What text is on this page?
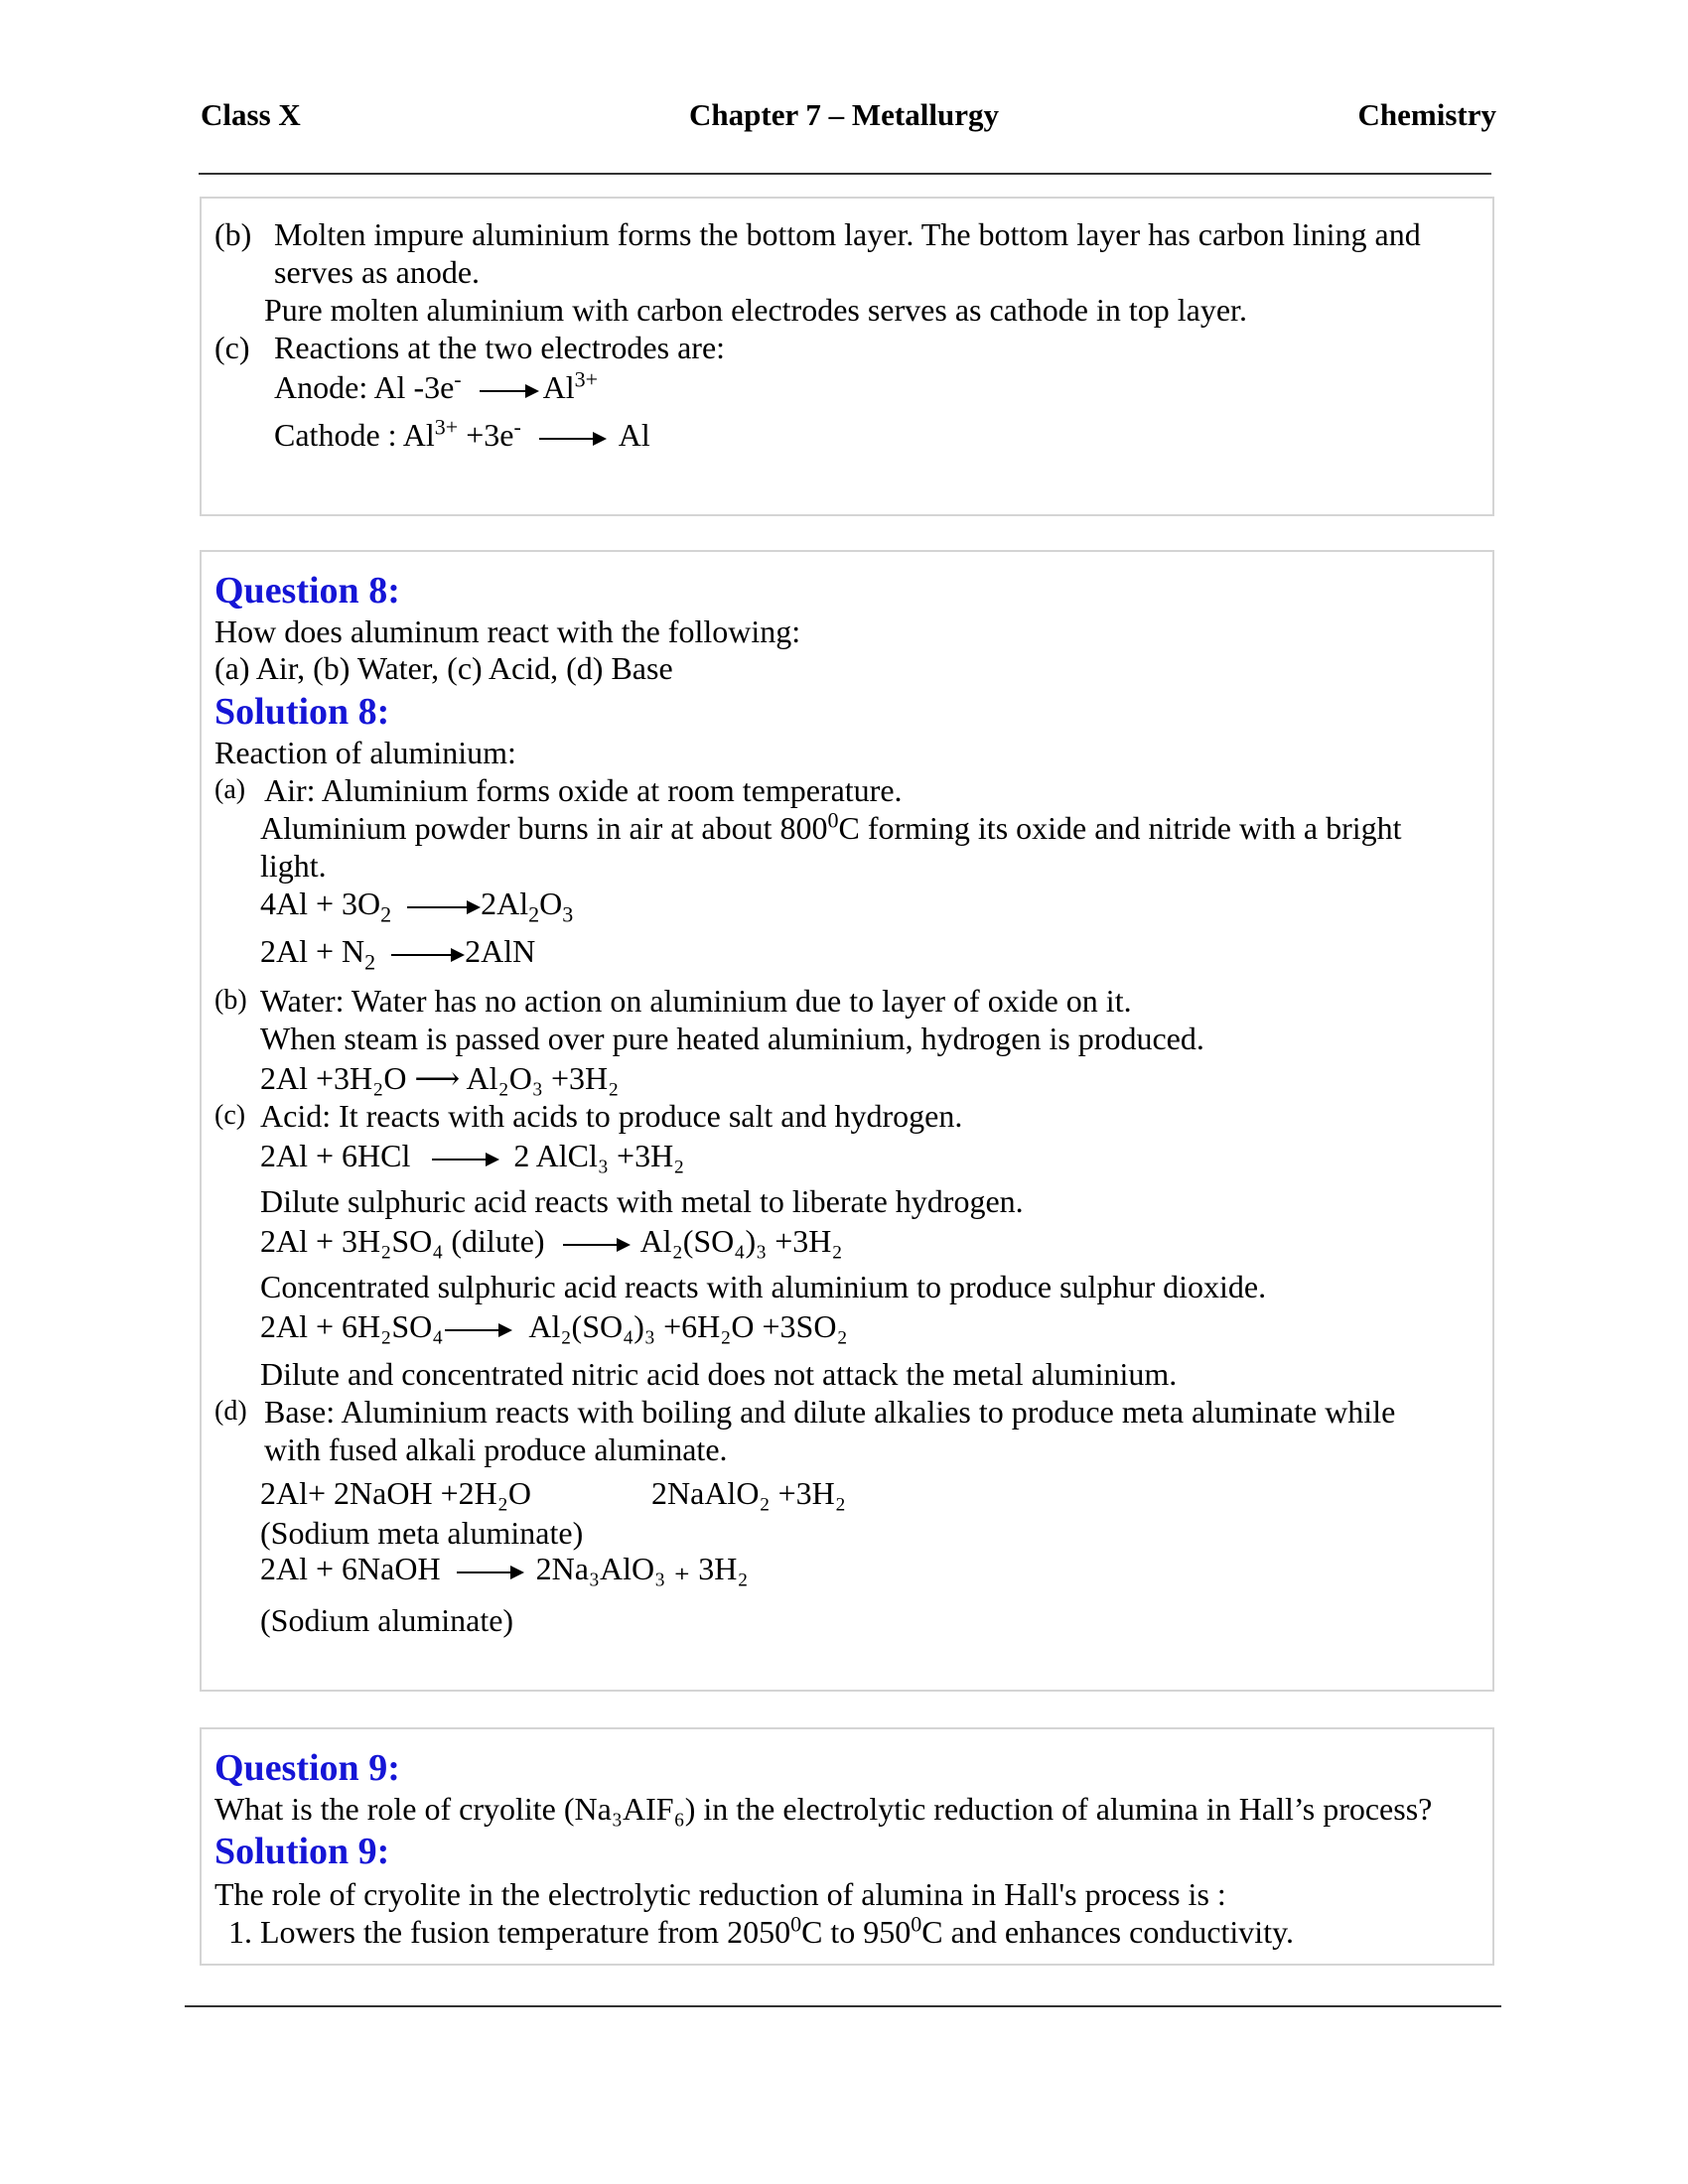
Class X	Chapter 7 – Metallurgy	Chemistry
(b) Molten impure aluminium forms the bottom layer. The bottom layer has carbon lining and
serves as anode.
Pure molten aluminium with carbon electrodes serves as cathode in top layer.
(c) Reactions at the two electrodes are:
Anode: Al -3e-	$Al^{3+}$
Cathode : $Al^{3+} +3e^-$	Al
Question 8:
How does aluminum react with the following:
(a) Air, (b) Water, (c) Acid, (d) Base
Solution 8:
Reaction of aluminium:
(a) Air: Aluminium forms oxide at room temperature.
Aluminium powder burns in air at about $800^0C$ forming its oxide and nitride with a bright
light.
$4Al + 3O_2$	$2Al_2O_3$
$2Al + N_2$	2AlN
(b) Water: Water has no action on aluminium due to layer of oxide on it.
When steam is passed over pure heated aluminium, hydrogen is produced.
2Al +3H₂O ⟶ Al₂O₃ +3H₂
(c) Acid: It reacts with acids to produce salt and hydrogen.
2Al + 6HCl	2 AlCl₃ +3H₂
Dilute sulphuric acid reacts with metal to liberate hydrogen.
2Al + 3H₂SO₄ (dilute)	Al₂(SO₄)₃ +3H₂
Concentrated sulphuric acid reacts with aluminium to produce sulphur dioxide.
2Al + 6H₂SO₄	Al₂(SO₄)₃ +6H₂O +3SO₂
Dilute and concentrated nitric acid does not attack the metal aluminium.
(d) Base: Aluminium reacts with boiling and dilute alkalies to produce meta aluminate while
with fused alkali produce aluminate.
2Al+ 2NaOH +2H₂O	2NaAlO₂ +3H₂
(Sodium meta aluminate)
2Al + 6NaOH	2Na₃AlO₃ ₊ 3H₂
(Sodium aluminate)
Question 9:
What is the role of cryolite (Na₃AIF₆) in the electrolytic reduction of alumina in Hall’s process?
Solution 9:
The role of cryolite in the electrolytic reduction of alumina in Hall's process is :
1. Lowers the fusion temperature from 2050$^0$C to $950^0C$ and enhances conductivity.
